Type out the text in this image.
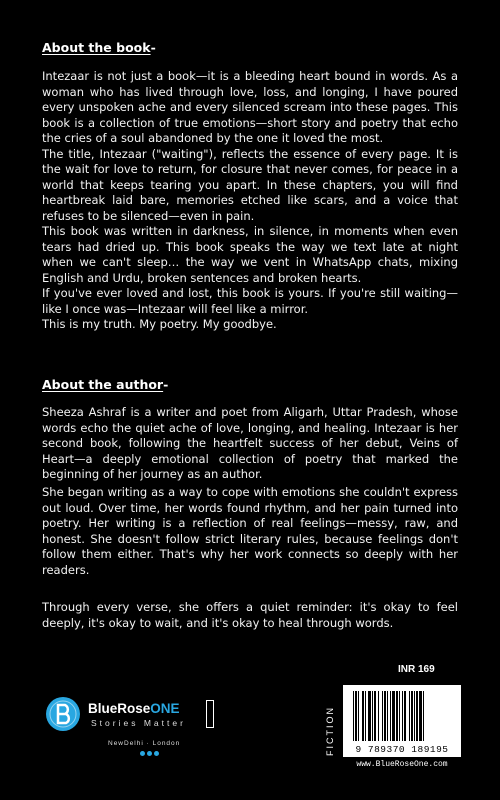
About the book-

Intezaar is not just a book—it is a bleeding heart bound in words. As a woman who has lived through love, loss, and longing, I have poured every unspoken ache and every silenced scream into these pages. This book is a collection of true emotions—short story and poetry that echo the cries of a soul abandoned by the one it loved the most.

The title, Intezaar ("waiting"), reflects the essence of every page. It is the wait for love to return, for closure that never comes, for peace in a world that keeps tearing you apart. In these chapters, you will find heartbreak laid bare, memories etched like scars, and a voice that refuses to be silenced—even in pain.

This book was written in darkness, in silence, in moments when even tears had dried up. This book speaks the way we text late at night when we can't sleep… the way we vent in WhatsApp chats, mixing English and Urdu, broken sentences and broken hearts.

If you've ever loved and lost, this book is yours. If you're still waiting—like I once was—Intezaar will feel like a mirror.

This is my truth. My poetry. My goodbye.

About the author-
Sheeza Ashraf is a writer and poet from Aligarh, Uttar Pradesh, whose words echo the quiet ache of love, longing, and healing. Intezaar is her second book, following the heartfelt success of her debut, Veins of Heart—a deeply emotional collection of poetry that marked the beginning of her journey as an author.
She began writing as a way to cope with emotions she couldn't express out loud. Over time, her words found rhythm, and her pain turned into poetry. Her writing is a reflection of real feelings—messy, raw, and honest. She doesn't follow strict literary rules, because feelings don't follow them either. That's why her work connects so deeply with her readers.
Through every verse, she offers a quiet reminder: it's okay to feel deeply, it's okay to wait, and it's okay to heal through words.
INR 169
FICTION	9 789370 189195
www.BlueRoseOne.com
BlueRoseONE
Stories Matter
NewDelhi · London
